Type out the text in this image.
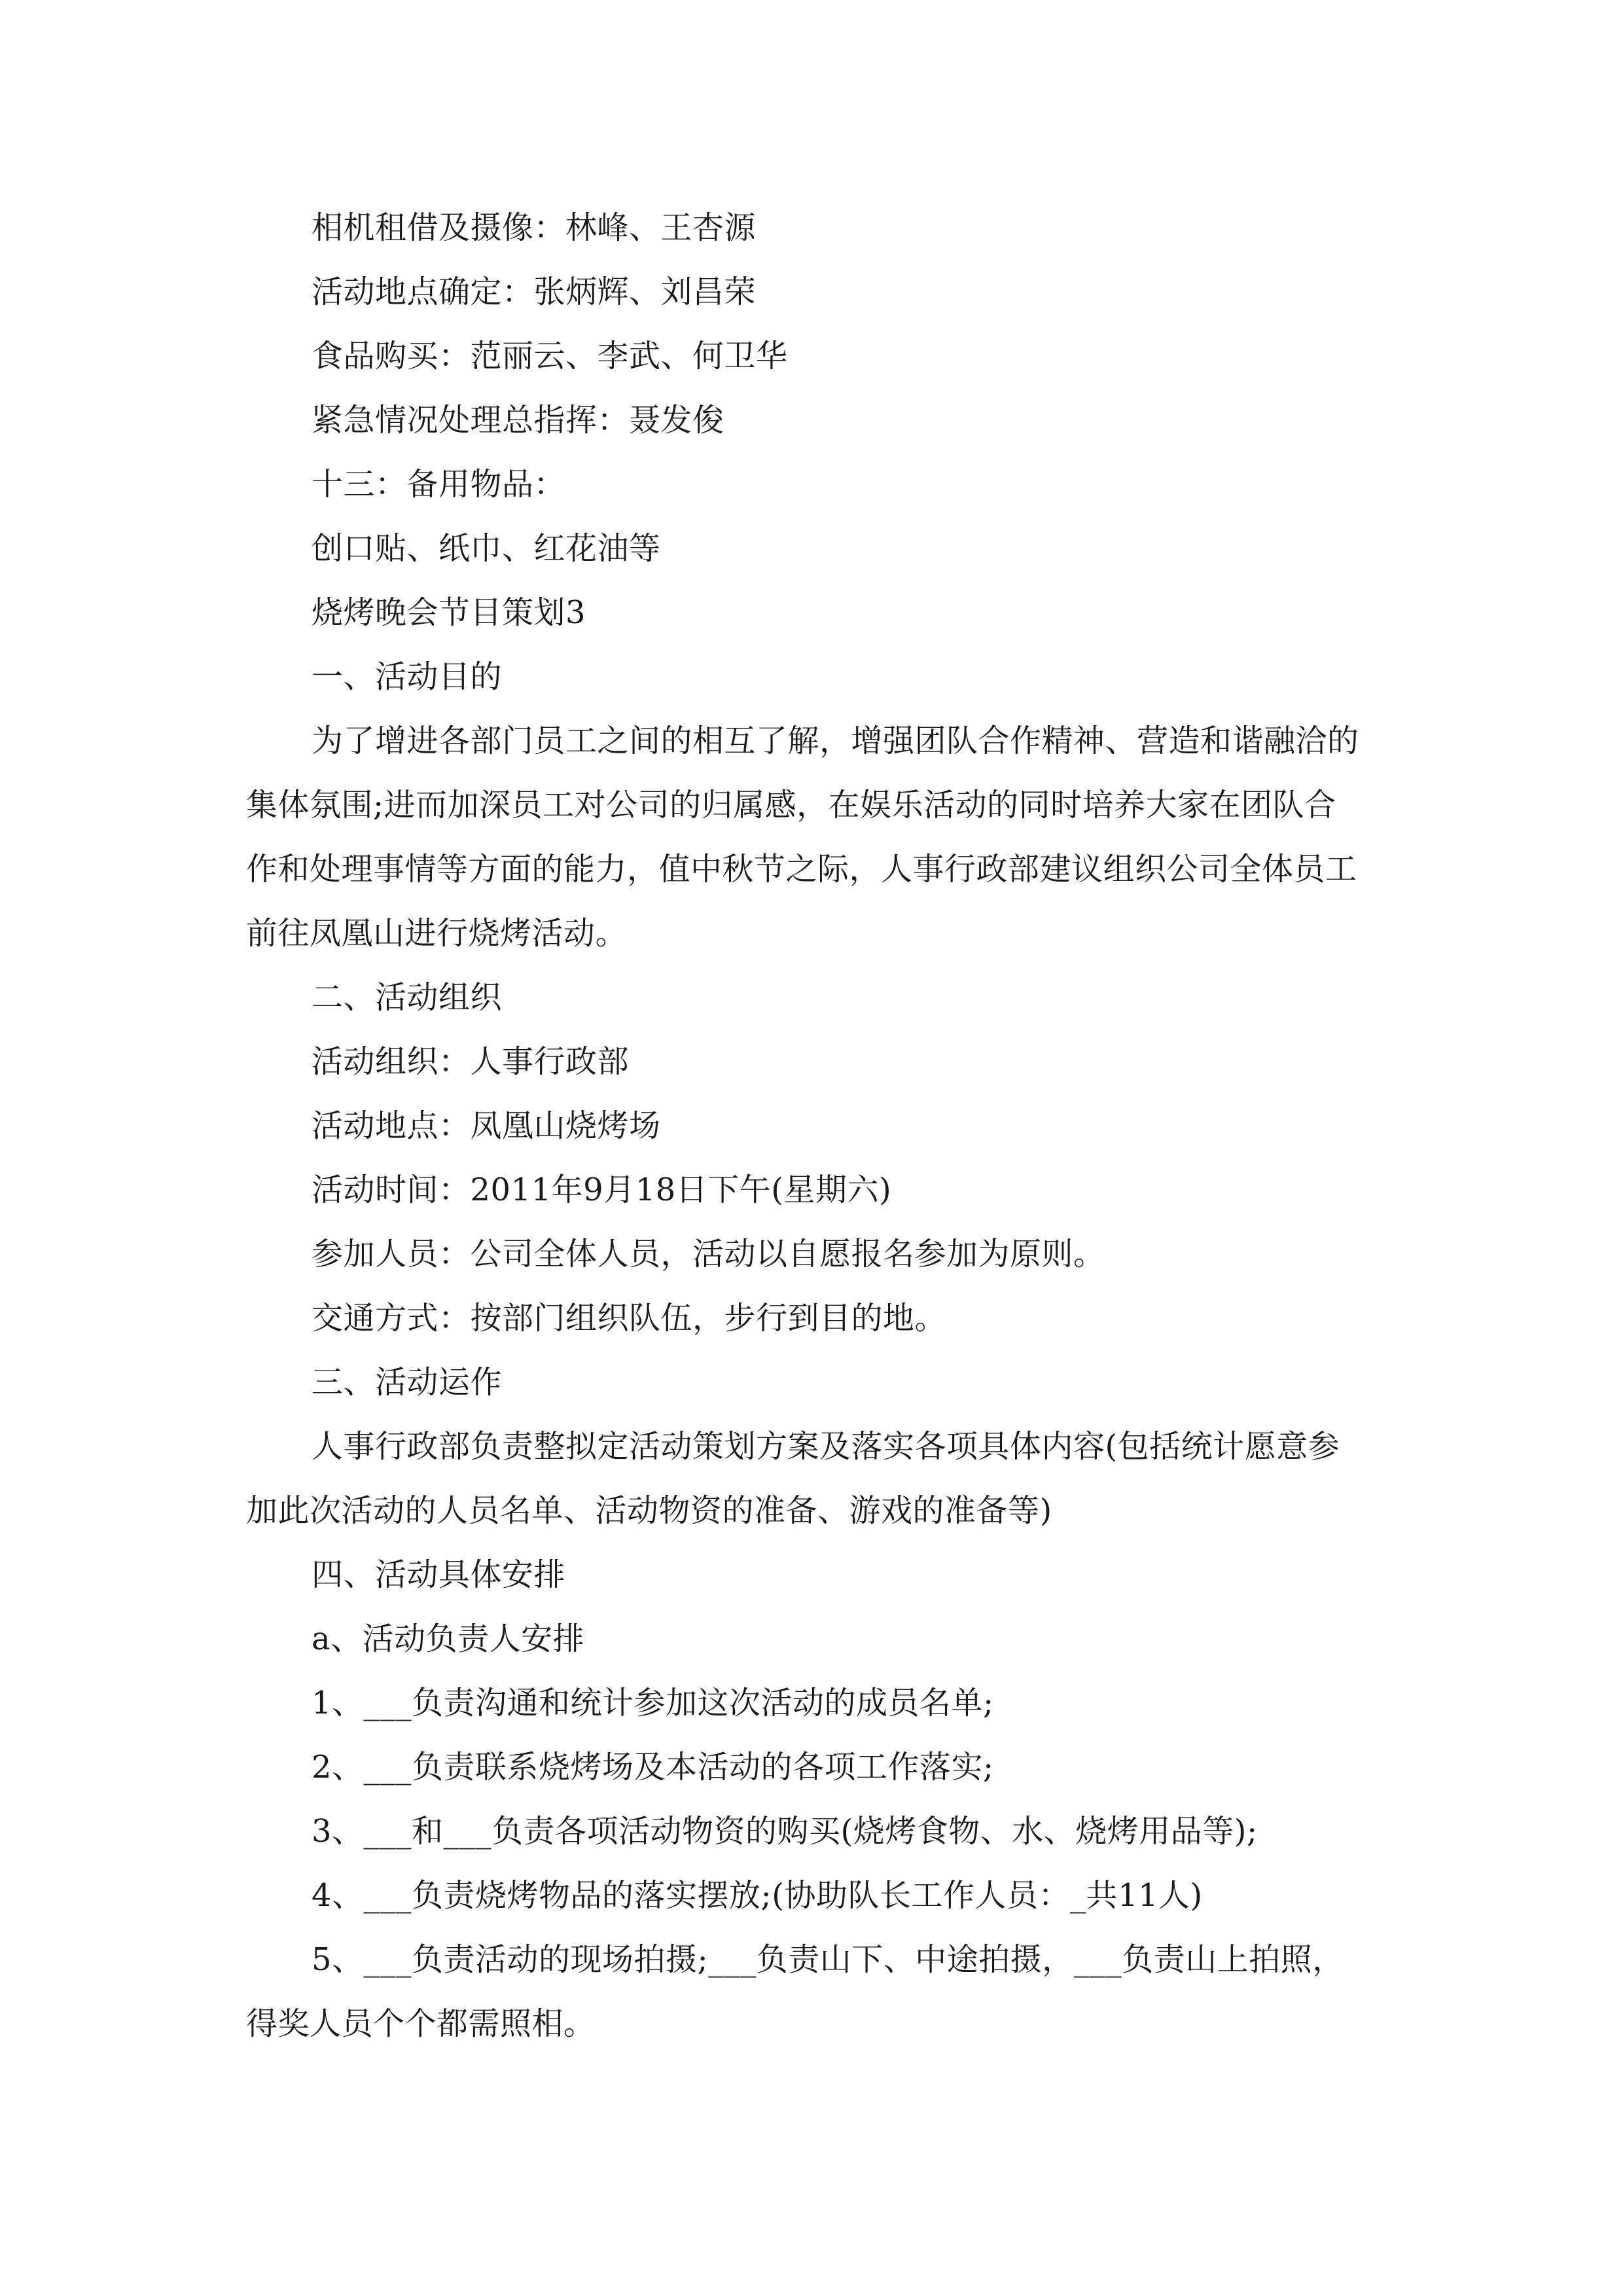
相机租借及摄像：林峰、王杏源
活动地点确定：张炳辉、刘昌荣
食品购买：范丽云、李武、何卫华
紧急情况处理总指挥：聂发俊
十三：备用物品：
创口贴、纸巾、红花油等
烧烤晚会节目策划3
一、活动目的
为了增进各部门员工之间的相互了解，增强团队合作精神、营造和谐融洽的
集体氛围;进而加深员工对公司的归属感，在娱乐活动的同时培养大家在团队合
作和处理事情等方面的能力，值中秋节之际，人事行政部建议组织公司全体员工
前往凤凰山进行烧烤活动。
二、活动组织
活动组织：人事行政部
活动地点：凤凰山烧烤场
活动时间：2011年9月18日下午(星期六)
参加人员：公司全体人员，活动以自愿报名参加为原则。
交通方式：按部门组织队伍，步行到目的地。
三、活动运作
人事行政部负责整拟定活动策划方案及落实各项具体内容(包括统计愿意参
加此次活动的人员名单、活动物资的准备、游戏的准备等)
四、活动具体安排
a、活动负责人安排
1、___负责沟通和统计参加这次活动的成员名单;
2、___负责联系烧烤场及本活动的各项工作落实;
3、___和___负责各项活动物资的购买(烧烤食物、水、烧烤用品等);
4、___负责烧烤物品的落实摆放;(协助队长工作人员：_共11人)
5、___负责活动的现场拍摄;___负责山下、中途拍摄，___负责山上拍照，
得奖人员个个都需照相。
